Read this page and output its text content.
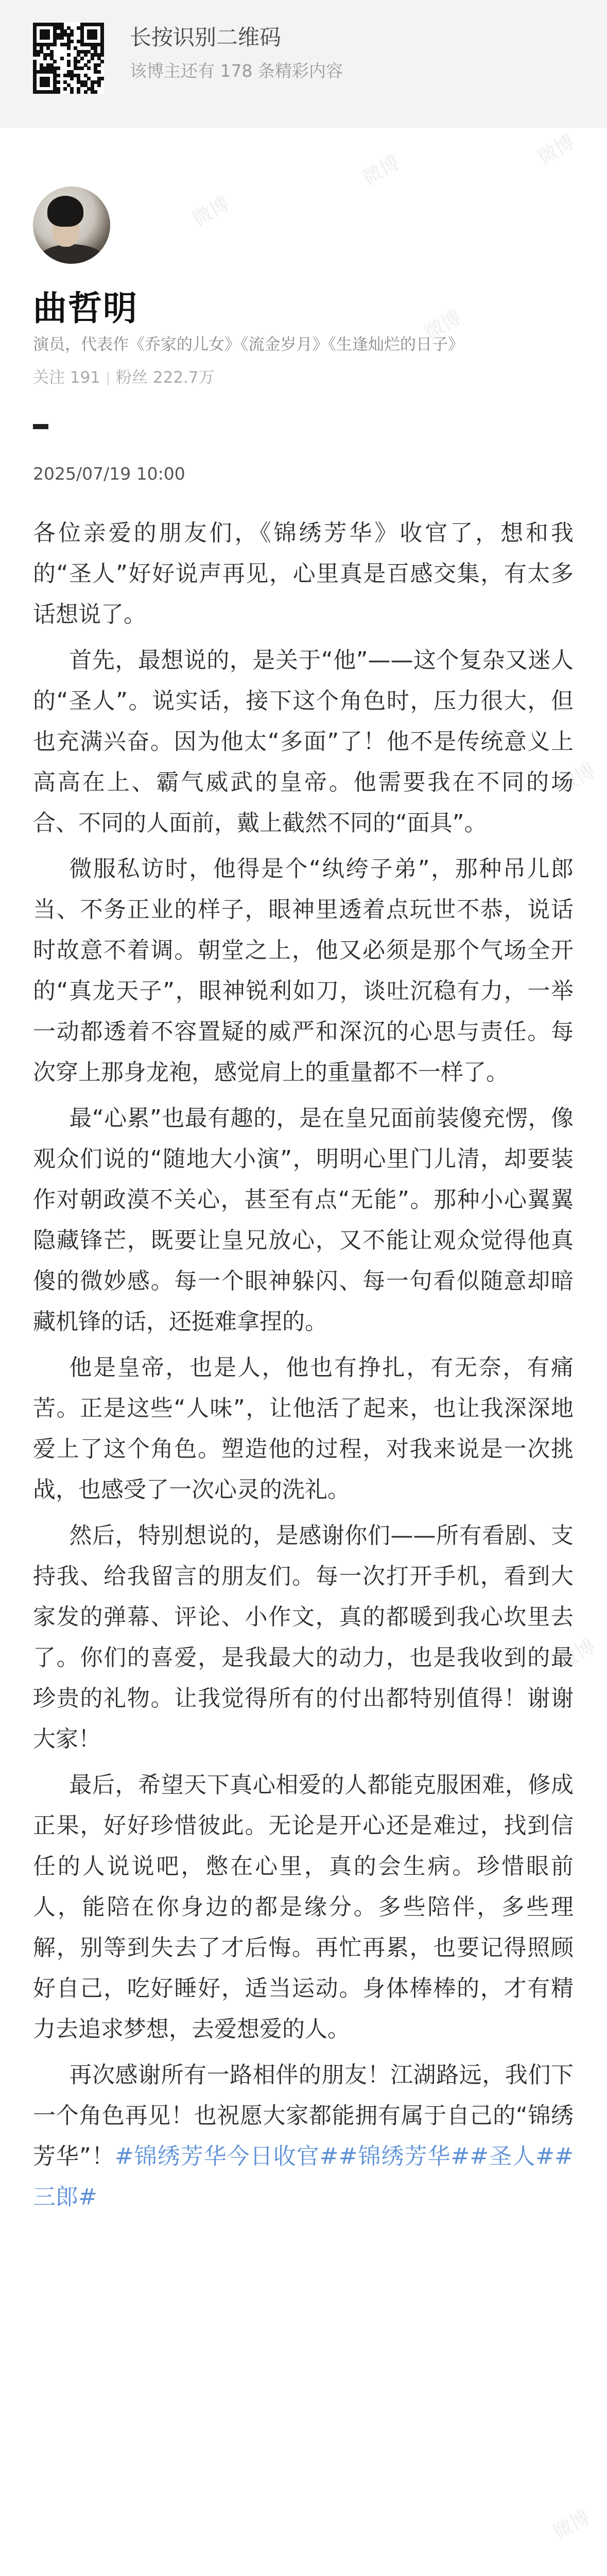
长按识别二维码
该博主还有 178 条精彩内容
微博
微博
微博
微博
微博
微博
微博
曲哲明
演员，代表作《乔家的儿女》《流金岁月》《生逢灿烂的日子》
关注 191 粉丝 222.7万
2025/07/19 10:00

各位亲爱的朋友们，《锦绣芳华》收官了，想和我的“圣人”好好说声再见，心里真是百感交集，有太多话想说了。

首先，最想说的，是关于“他”——这个复杂又迷人的“圣人”。说实话，接下这个角色时，压力很大，但也充满兴奋。因为他太“多面”了！他不是传统意义上高高在上、霸气威武的皇帝。他需要我在不同的场合、不同的人面前，戴上截然不同的“面具”。

微服私访时，他得是个“纨绔子弟”，那种吊儿郎当、不务正业的样子，眼神里透着点玩世不恭，说话时故意不着调。朝堂之上，他又必须是那个气场全开的“真龙天子”，眼神锐利如刀，谈吐沉稳有力，一举一动都透着不容置疑的威严和深沉的心思与责任。每次穿上那身龙袍，感觉肩上的重量都不一样了。

最“心累”也最有趣的，是在皇兄面前装傻充愣，像观众们说的“随地大小演”，明明心里门儿清，却要装作对朝政漠不关心，甚至有点“无能”。那种小心翼翼隐藏锋芒，既要让皇兄放心，又不能让观众觉得他真傻的微妙感。每一个眼神躲闪、每一句看似随意却暗藏机锋的话，还挺难拿捏的。

他是皇帝，也是人，他也有挣扎，有无奈，有痛苦。正是这些“人味”，让他活了起来，也让我深深地爱上了这个角色。塑造他的过程，对我来说是一次挑战，也感受了一次心灵的洗礼。

然后，特别想说的，是感谢你们——所有看剧、支持我、给我留言的朋友们。每一次打开手机，看到大家发的弹幕、评论、小作文，真的都暖到我心坎里去了。你们的喜爱，是我最大的动力，也是我收到的最珍贵的礼物。让我觉得所有的付出都特别值得！谢谢大家！

最后，希望天下真心相爱的人都能克服困难，修成正果，好好珍惜彼此。无论是开心还是难过，找到信任的人说说吧，憋在心里，真的会生病。珍惜眼前人，能陪在你身边的都是缘分。多些陪伴，多些理解，别等到失去了才后悔。再忙再累，也要记得照顾好自己，吃好睡好，适当运动。身体棒棒的，才有精力去追求梦想，去爱想爱的人。

再次感谢所有一路相伴的朋友！江湖路远，我们下一个角色再见！也祝愿大家都能拥有属于自己的“锦绣芳华”！#锦绣芳华今日收官##锦绣芳华##圣人##三郎#
